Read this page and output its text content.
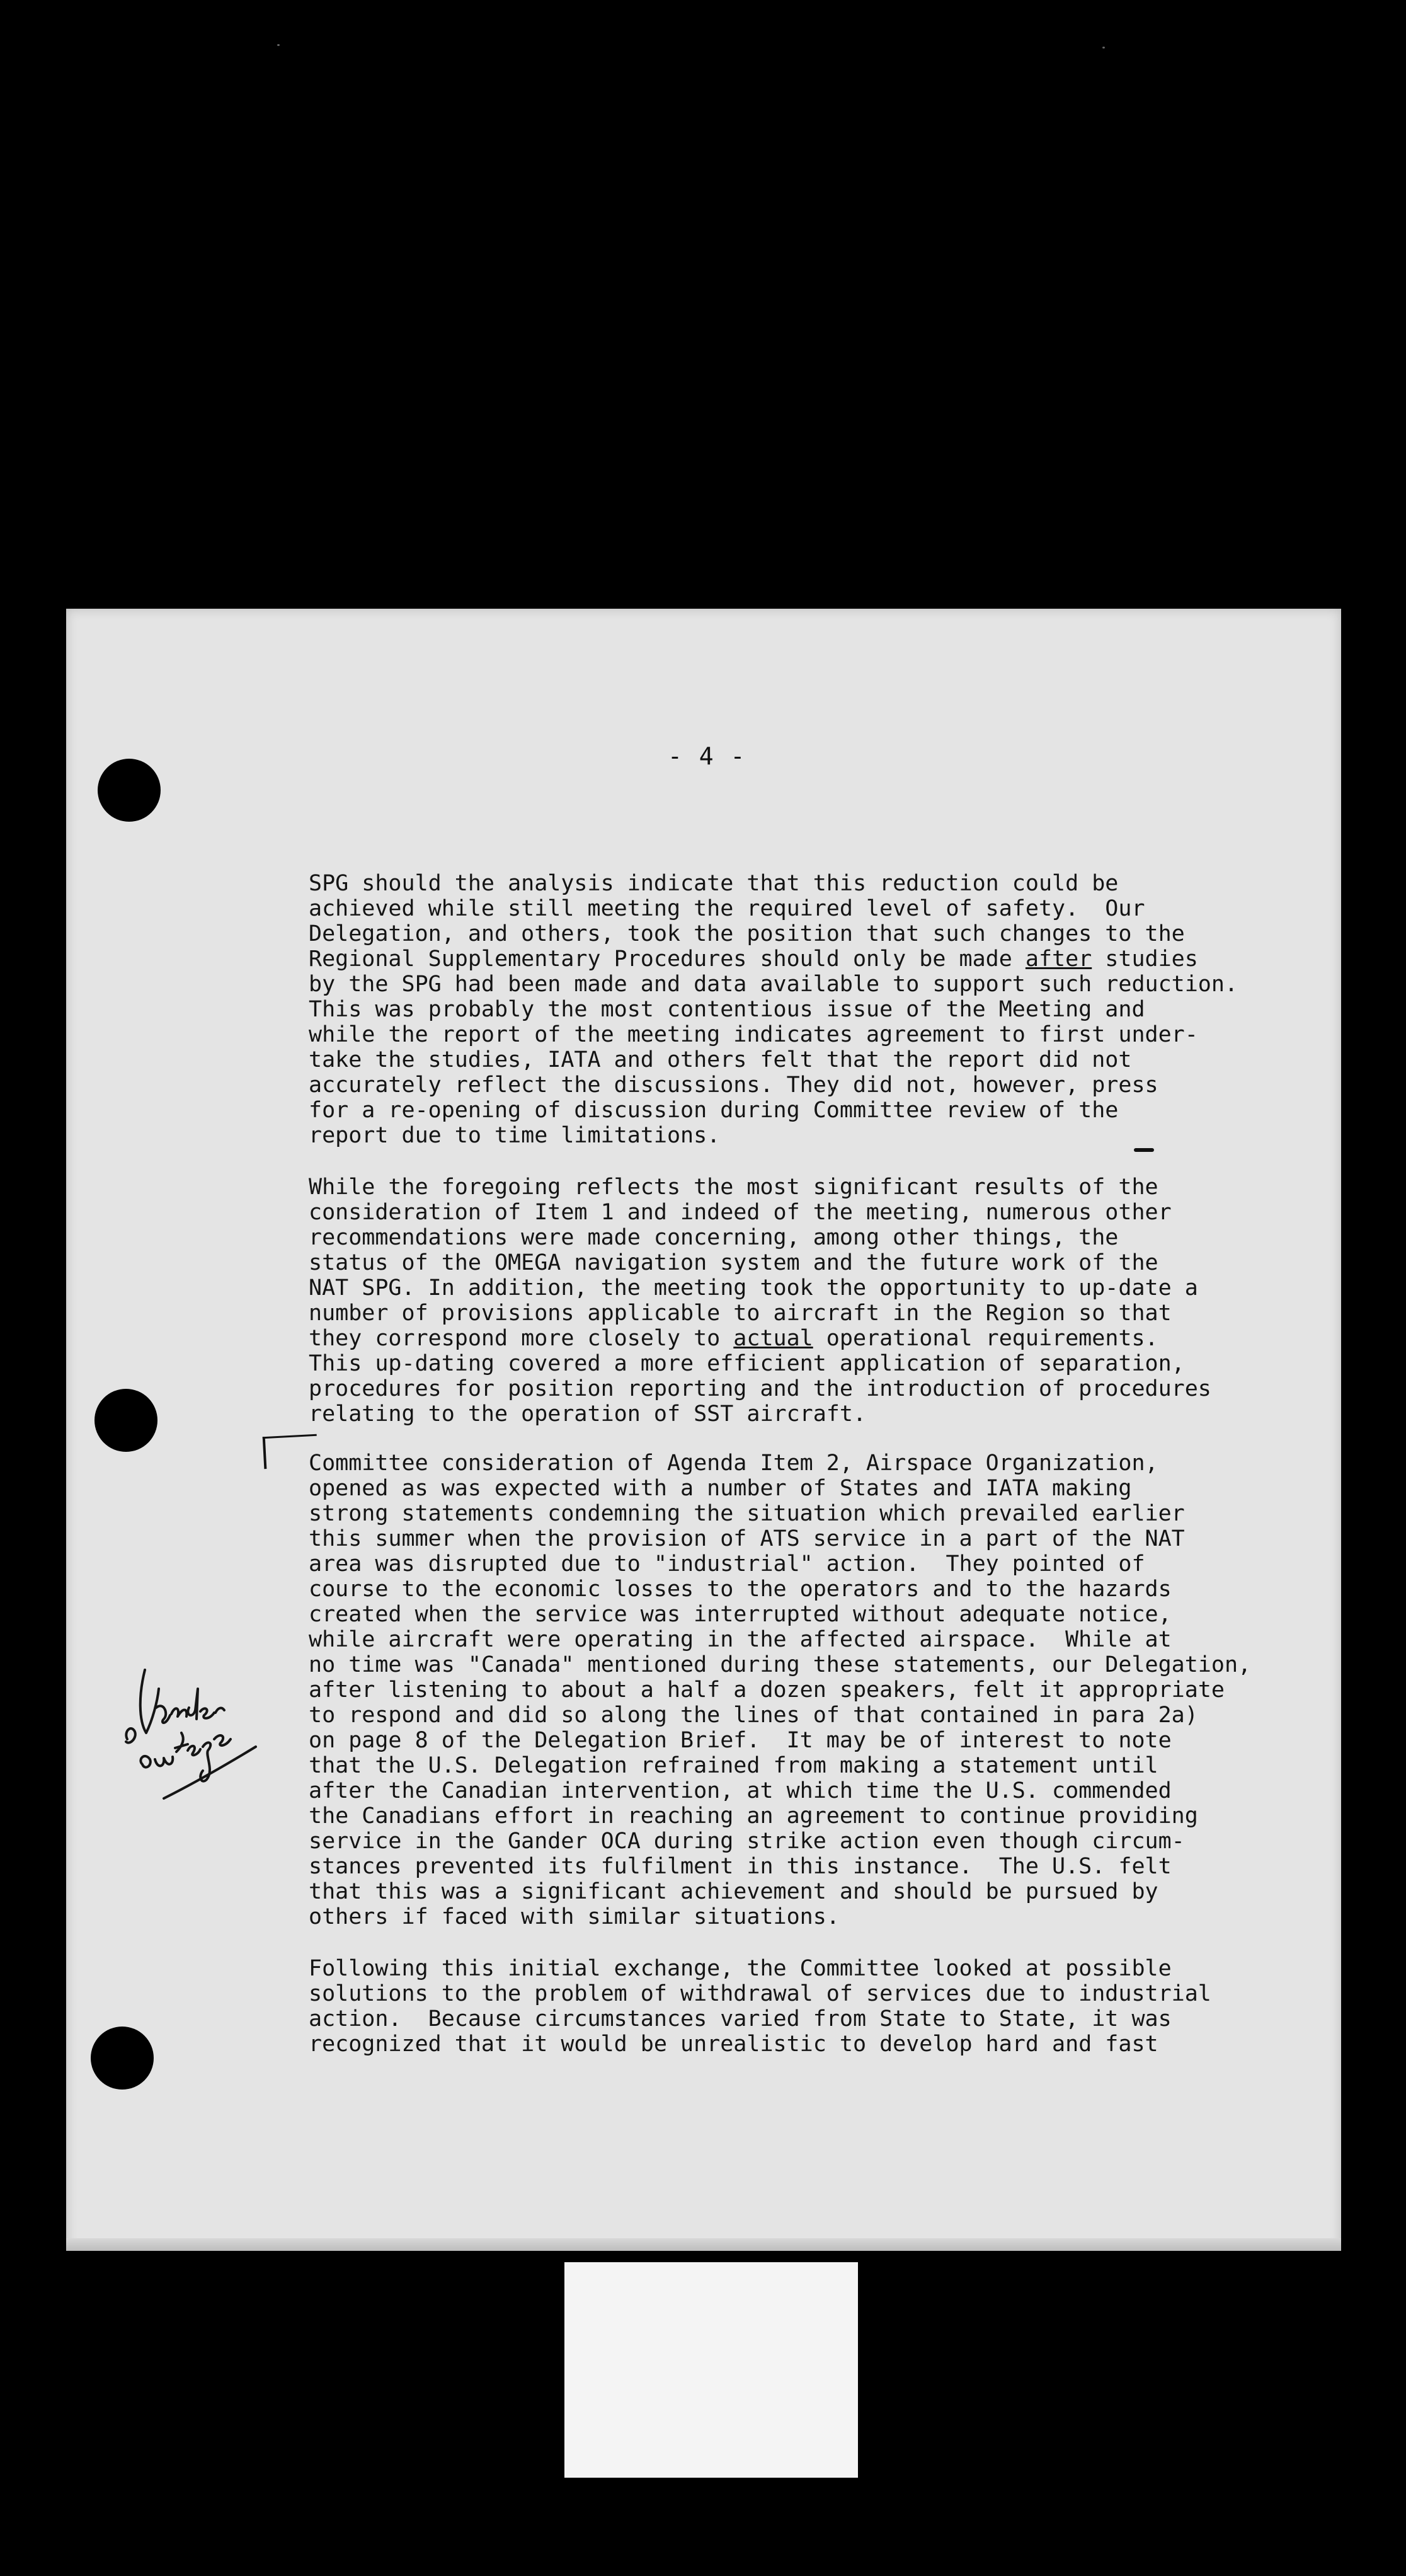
- 4 -
SPG should the analysis indicate that this reduction could be
achieved while still meeting the required level of safety.  Our
Delegation, and others, took the position that such changes to the
Regional Supplementary Procedures should only be made after studies
by the SPG had been made and data available to support such reduction.
This was probably the most contentious issue of the Meeting and
while the report of the meeting indicates agreement to first under-
take the studies, IATA and others felt that the report did not
accurately reflect the discussions. They did not, however, press
for a re-opening of discussion during Committee review of the
report due to time limitations.
While the foregoing reflects the most significant results of the
consideration of Item 1 and indeed of the meeting, numerous other
recommendations were made concerning, among other things, the
status of the OMEGA navigation system and the future work of the
NAT SPG. In addition, the meeting took the opportunity to up-date a
number of provisions applicable to aircraft in the Region so that
they correspond more closely to actual operational requirements.
This up-dating covered a more efficient application of separation,
procedures for position reporting and the introduction of procedures
relating to the operation of SST aircraft.
Committee consideration of Agenda Item 2, Airspace Organization,
opened as was expected with a number of States and IATA making
strong statements condemning the situation which prevailed earlier
this summer when the provision of ATS service in a part of the NAT
area was disrupted due to "industrial" action.  They pointed of
course to the economic losses to the operators and to the hazards
created when the service was interrupted without adequate notice,
while aircraft were operating in the affected airspace.  While at
no time was "Canada" mentioned during these statements, our Delegation,
after listening to about a half a dozen speakers, felt it appropriate
to respond and did so along the lines of that contained in para 2a)
on page 8 of the Delegation Brief.  It may be of interest to note
that the U.S. Delegation refrained from making a statement until
after the Canadian intervention, at which time the U.S. commended
the Canadians effort in reaching an agreement to continue providing
service in the Gander OCA during strike action even though circum-
stances prevented its fulfilment in this instance.  The U.S. felt
that this was a significant achievement and should be pursued by
others if faced with similar situations.
Following this initial exchange, the Committee looked at possible
solutions to the problem of withdrawal of services due to industrial
action.  Because circumstances varied from State to State, it was
recognized that it would be unrealistic to develop hard and fast
